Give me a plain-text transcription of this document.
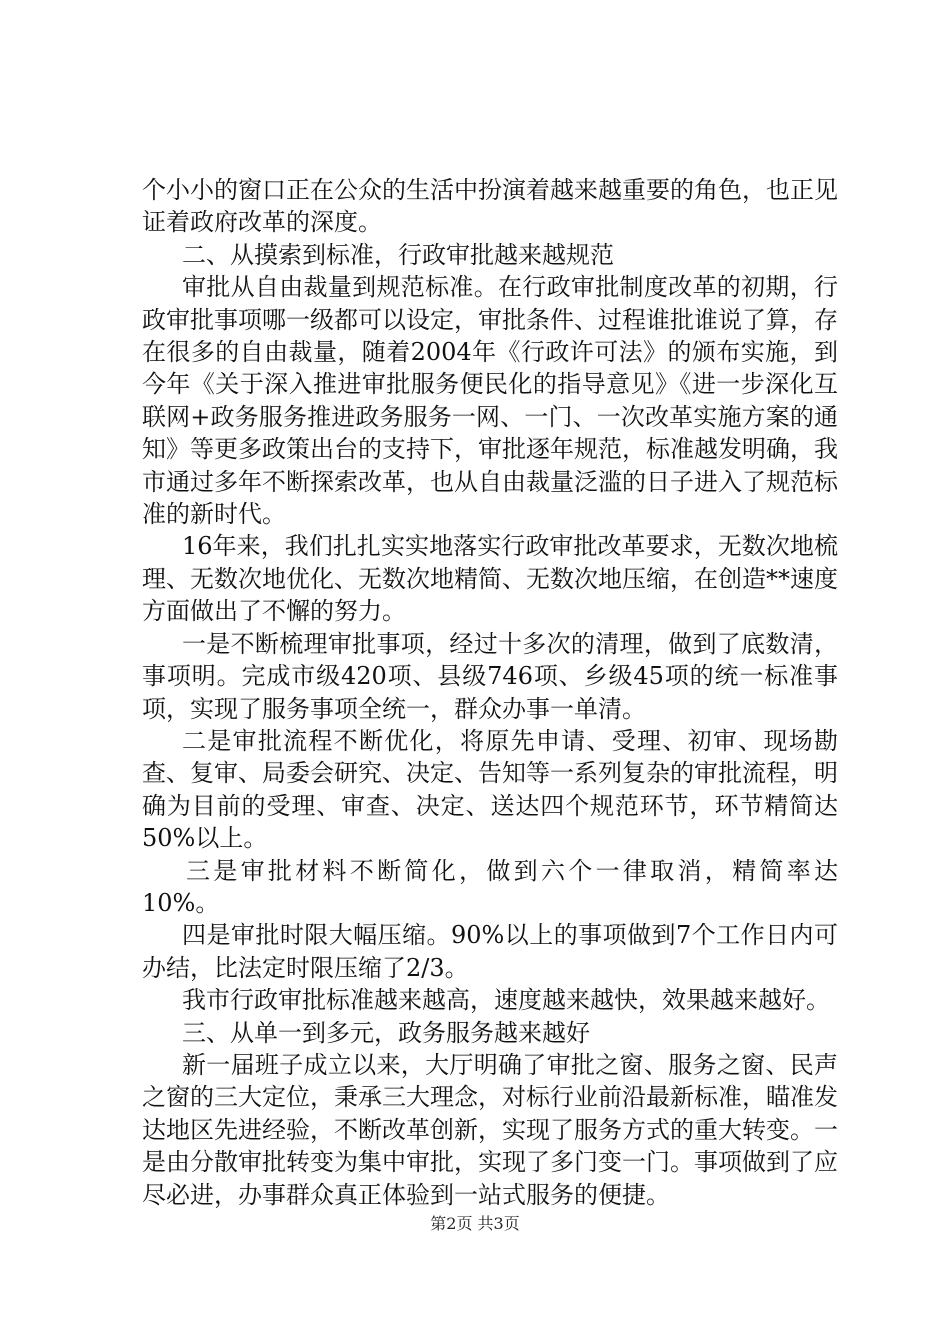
个小小的窗口正在公众的生活中扮演着越来越重要的角色，也正见证着政府改革的深度。

二、从摸索到标准，行政审批越来越规范

审批从自由裁量到规范标准。在行政审批制度改革的初期，行政审批事项哪一级都可以设定，审批条件、过程谁批谁说了算，存在很多的自由裁量，随着2004年《行政许可法》的颁布实施，到今年《关于深入推进审批服务便民化的指导意见》《进一步深化互联网+政务服务推进政务服务一网、一门、一次改革实施方案的通知》等更多政策出台的支持下，审批逐年规范，标准越发明确，我市通过多年不断探索改革，也从自由裁量泛滥的日子进入了规范标准的新时代。

16年来，我们扎扎实实地落实行政审批改革要求，无数次地梳理、无数次地优化、无数次地精简、无数次地压缩，在创造**速度方面做出了不懈的努力。

一是不断梳理审批事项，经过十多次的清理，做到了底数清，事项明。完成市级420项、县级746项、乡级45项的统一标准事项，实现了服务事项全统一，群众办事一单清。

二是审批流程不断优化，将原先申请、受理、初审、现场勘查、复审、局委会研究、决定、告知等一系列复杂的审批流程，明确为目前的受理、审查、决定、送达四个规范环节，环节精简达50%以上。

三是审批材料不断简化，做到六个一律取消，精简率达10%。

四是审批时限大幅压缩。90%以上的事项做到7个工作日内可办结，比法定时限压缩了2/3。

我市行政审批标准越来越高，速度越来越快，效果越来越好。

三、从单一到多元，政务服务越来越好

新一届班子成立以来，大厅明确了审批之窗、服务之窗、民声之窗的三大定位，秉承三大理念，对标行业前沿最新标准，瞄准发达地区先进经验，不断改革创新，实现了服务方式的重大转变。一是由分散审批转变为集中审批，实现了多门变一门。事项做到了应尽必进，办事群众真正体验到一站式服务的便捷。

第2页 共3页
